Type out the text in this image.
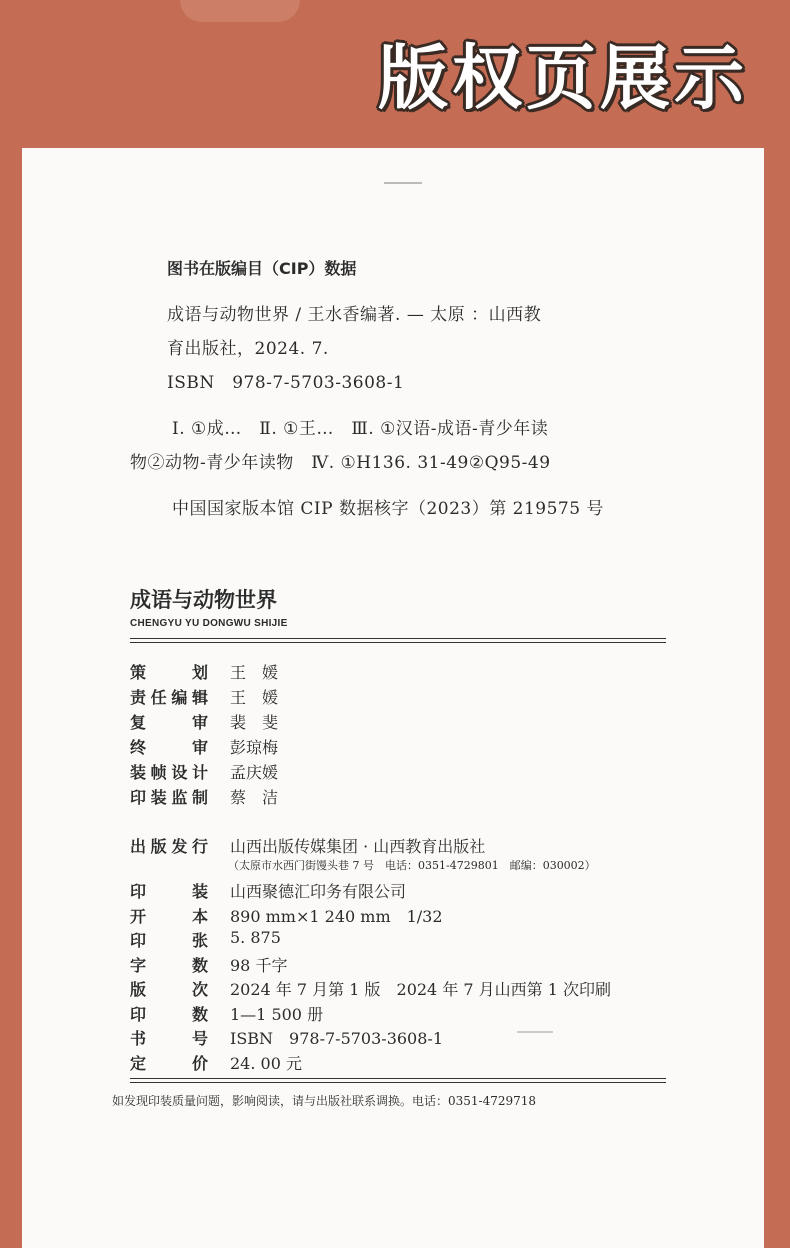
版权页展示
图书在版编目（CIP）数据
成语与动物世界 / 王水香编著. — 太原 ：山西教
育出版社，2024. 7.
ISBN　978-7-5703-3608-1
Ⅰ. ①成…　Ⅱ. ①王…　Ⅲ. ①汉语-成语-青少年读
物②动物-青少年读物　Ⅳ. ①H136. 31-49②Q95-49
中国国家版本馆 CIP 数据核字（2023）第 219575 号
成语与动物世界
CHENGYU YU DONGWU SHIJIE
策划 王　媛
责任编辑 王　媛
复审 裴　斐
终审 彭琼梅
装帧设计 孟庆媛
印装监制 蔡　洁
出版发行 山西出版传媒集团 · 山西教育出版社
（太原市水西门街馒头巷 7 号　电话：0351-4729801　邮编：030002）
印装 山西聚德汇印务有限公司
开本 890 mm×1 240 mm　1/32
印张 5. 875
字数 98 千字
版次 2024 年 7 月第 1 版　2024 年 7 月山西第 1 次印刷
印数 1—1 500 册
书号 ISBN　978-7-5703-3608-1
定价 24. 00 元
如发现印装质量问题，影响阅读，请与出版社联系调换。电话：0351-4729718
